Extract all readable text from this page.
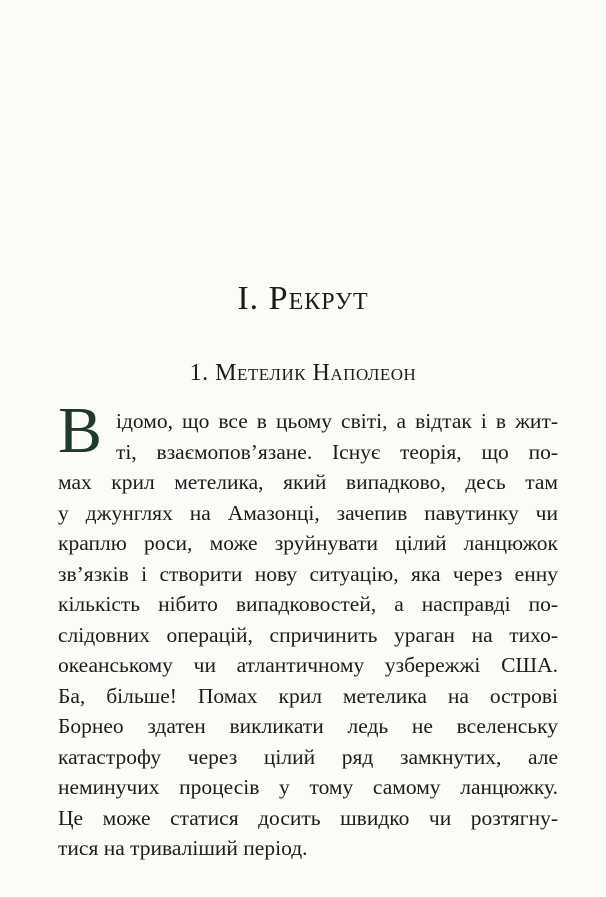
І. Рекрут
1. Метелик Наполеон
В ідомо, що все в цьому світі, а відтак і в жит-
ті, взаємопов’язане. Існує теорія, що по-
мах крил метелика, який випадково, десь там
у джунглях на Амазонці, зачепив павутинку чи
краплю роси, може зруйнувати цілий ланцюжок
зв’язків і створити нову ситуацію, яка через енну
кількість нібито випадковостей, а насправді по-
слідовних операцій, спричинить ураган на тихо-
океанському чи атлантичному узбережжі США.
Ба, більше! Помах крил метелика на острові
Борнео здатен викликати ледь не вселенську
катастрофу через цілий ряд замкнутих, але
неминучих процесів у тому самому ланцюжку.
Це може статися досить швидко чи розтягну-
тися на триваліший період.
